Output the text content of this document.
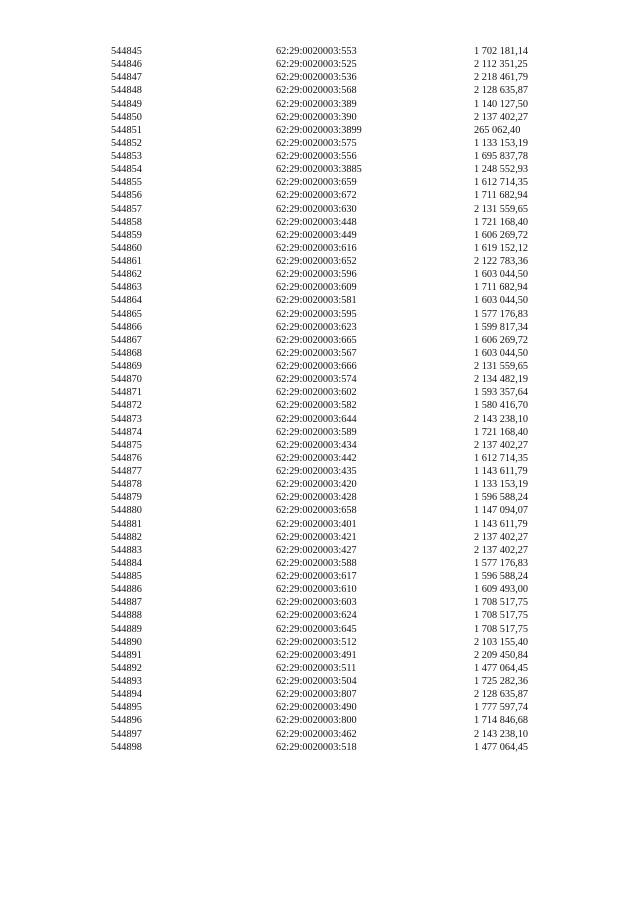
544845	62:29:0020003:553	1 702 181,14
544846	62:29:0020003:525	2 112 351,25
544847	62:29:0020003:536	2 218 461,79
544848	62:29:0020003:568	2 128 635,87
544849	62:29:0020003:389	1 140 127,50
544850	62:29:0020003:390	2 137 402,27
544851	62:29:0020003:3899	265 062,40
544852	62:29:0020003:575	1 133 153,19
544853	62:29:0020003:556	1 695 837,78
544854	62:29:0020003:3885	1 248 552,93
544855	62:29:0020003:659	1 612 714,35
544856	62:29:0020003:672	1 711 682,94
544857	62:29:0020003:630	2 131 559,65
544858	62:29:0020003:448	1 721 168,40
544859	62:29:0020003:449	1 606 269,72
544860	62:29:0020003:616	1 619 152,12
544861	62:29:0020003:652	2 122 783,36
544862	62:29:0020003:596	1 603 044,50
544863	62:29:0020003:609	1 711 682,94
544864	62:29:0020003:581	1 603 044,50
544865	62:29:0020003:595	1 577 176,83
544866	62:29:0020003:623	1 599 817,34
544867	62:29:0020003:665	1 606 269,72
544868	62:29:0020003:567	1 603 044,50
544869	62:29:0020003:666	2 131 559,65
544870	62:29:0020003:574	2 134 482,19
544871	62:29:0020003:602	1 593 357,64
544872	62:29:0020003:582	1 580 416,70
544873	62:29:0020003:644	2 143 238,10
544874	62:29:0020003:589	1 721 168,40
544875	62:29:0020003:434	2 137 402,27
544876	62:29:0020003:442	1 612 714,35
544877	62:29:0020003:435	1 143 611,79
544878	62:29:0020003:420	1 133 153,19
544879	62:29:0020003:428	1 596 588,24
544880	62:29:0020003:658	1 147 094,07
544881	62:29:0020003:401	1 143 611,79
544882	62:29:0020003:421	2 137 402,27
544883	62:29:0020003:427	2 137 402,27
544884	62:29:0020003:588	1 577 176,83
544885	62:29:0020003:617	1 596 588,24
544886	62:29:0020003:610	1 609 493,00
544887	62:29:0020003:603	1 708 517,75
544888	62:29:0020003:624	1 708 517,75
544889	62:29:0020003:645	1 708 517,75
544890	62:29:0020003:512	2 103 155,40
544891	62:29:0020003:491	2 209 450,84
544892	62:29:0020003:511	1 477 064,45
544893	62:29:0020003:504	1 725 282,36
544894	62:29:0020003:807	2 128 635,87
544895	62:29:0020003:490	1 777 597,74
544896	62:29:0020003:800	1 714 846,68
544897	62:29:0020003:462	2 143 238,10
544898	62:29:0020003:518	1 477 064,45
